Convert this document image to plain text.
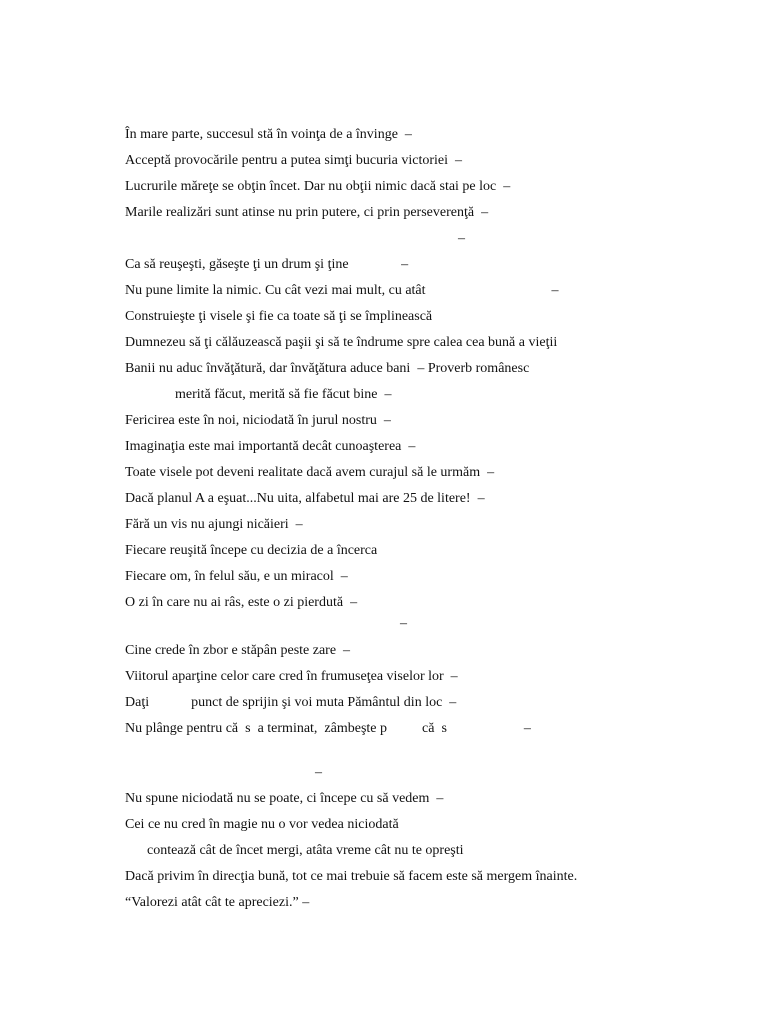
În mare parte, succesul stă în voinţa de a învinge  –
Acceptă provocările pentru a putea simţi bucuria victoriei  –
Lucrurile măreţe se obţin încet. Dar nu obţii nimic dacă stai pe loc  –
Marile realizări sunt atinse nu prin putere, ci prin perseverenţă  –
–
Ca să reuşeşti, găseşte ţi un drum şi ţine               –
Nu pune limite la nimic. Cu cât vezi mai mult, cu atât                                    –
Construieşte ţi visele şi fie ca toate să ţi se împlinească
Dumnezeu să ţi călăuzească paşii şi să te îndrume spre calea cea bună a vieţii
Banii nu aduc învăţătură, dar învăţătura aduce bani  – Proverb românesc
merită făcut, merită să fie făcut bine  –
Fericirea este în noi, niciodată în jurul nostru  –
Imaginaţia este mai importantă decât cunoaşterea  –
Toate visele pot deveni realitate dacă avem curajul să le urmăm  –
Dacă planul A a eşuat...Nu uita, alfabetul mai are 25 de litere!  –
Fără un vis nu ajungi nicăieri  –
Fiecare reuşită începe cu decizia de a încerca
Fiecare om, în felul său, e un miracol  –
O zi în care nu ai râs, este o zi pierdută  –
–
Cine crede în zbor e stăpân peste zare  –
Viitorul aparţine celor care cred în frumuseţea viselor lor  –
Daţi            punct de sprijin şi voi muta Pământul din loc  –
Nu plânge pentru că  s  a terminat,  zâmbeşte p          că  s                      –
–
Nu spune niciodată nu se poate, ci începe cu să vedem  –
Cei ce nu cred în magie nu o vor vedea niciodată
contează cât de încet mergi, atâta vreme cât nu te opreşti
Dacă privim în direcţia bună, tot ce mai trebuie să facem este să mergem înainte.
“Valorezi atât cât te apreciezi.” –
